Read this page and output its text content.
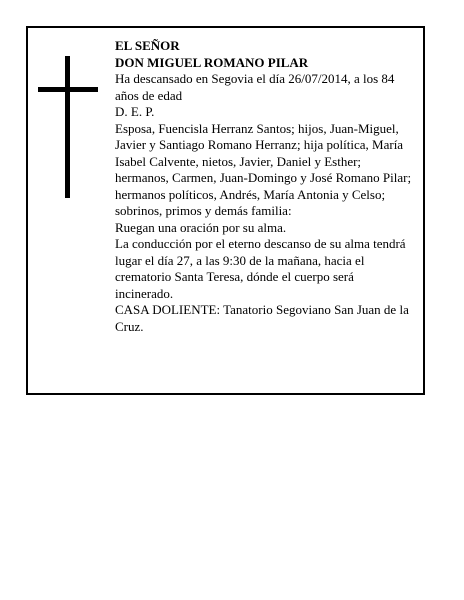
EL SEÑOR

DON MIGUEL ROMANO PILAR

Ha descansado en Segovia el día 26/07/2014, a los 84 años de edad

D. E. P.

Esposa, Fuencisla Herranz Santos; hijos, Juan-Miguel, Javier y Santiago Romano Herranz; hija política, María Isabel Calvente, nietos, Javier, Daniel y Esther; hermanos, Carmen, Juan-Domingo y José Romano Pilar; hermanos políticos, Andrés, María Antonia y Celso; sobrinos, primos y demás familia:

Ruegan una oración por su alma.

La conducción por el eterno descanso de su alma tendrá lugar el día 27, a las 9:30 de la mañana, hacia el crematorio Santa Teresa, dónde el cuerpo será incinerado.

CASA DOLIENTE: Tanatorio Segoviano San Juan de la Cruz.
